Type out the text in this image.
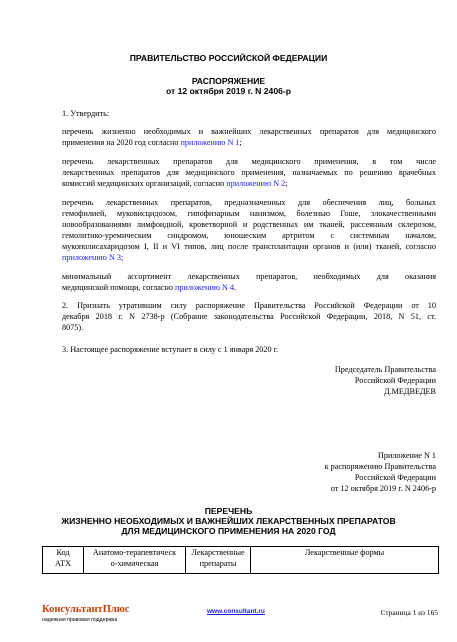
ПРАВИТЕЛЬСТВО РОССИЙСКОЙ ФЕДЕРАЦИИ
РАСПОРЯЖЕНИЕ
от 12 октября 2019 г. N 2406-р
1. Утвердить:
перечень жизненно необходимых и важнейших лекарственных препаратов для медицинского
применения на 2020 год согласно приложению N 1;
перечень лекарственных препаратов для медицинского применения, в том числе
лекарственных препаратов для медицинского применения, назначаемых по решению врачебных
комиссий медицинских организаций, согласно приложению N 2;
перечень лекарственных препаратов, предназначенных для обеспечения лиц, больных
гемофилией, муковисцидозом, гипофизарным нанизмом, болезнью Гоше, злокачественными
новообразованиями лимфоидной, кроветворной и родственных им тканей, рассеянным склерозом,
гемолитико-уремическим синдромом, юношеским артритом с системным началом,
мукополисахаридозом I, II и VI типов, лиц после трансплантации органов и (или) тканей, согласно
приложению N 3;
минимальный ассортимент лекарственных препаратов, необходимых для оказания
медицинской помощи, согласно приложению N 4.
2. Признать утратившим силу распоряжение Правительства Российской Федерации от 10
декабря 2018 г. N 2738-р (Собрание законодательства Российской Федерации, 2018, N 51, ст.
8075).
3. Настоящее распоряжение вступает в силу с 1 января 2020 г.
Председатель Правительства
Российской Федерации
Д.МЕДВЕДЕВ
Приложение N 1
к распоряжению Правительства
Российской Федерации
от 12 октября 2019 г. N 2406-р
ПЕРЕЧЕНЬ
ЖИЗНЕННО НЕОБХОДИМЫХ И ВАЖНЕЙШИХ ЛЕКАРСТВЕННЫХ ПРЕПАРАТОВ
ДЛЯ МЕДИЦИНСКОГО ПРИМЕНЕНИЯ НА 2020 ГОД
Код
АТХ

Анатомо-терапевтическ
о-химическая

Лекарственные
препараты

Лекарственные формы
КонсультантПлюс
надежная правовая поддержка
www.consultant.ru	Страница 1 из 165
